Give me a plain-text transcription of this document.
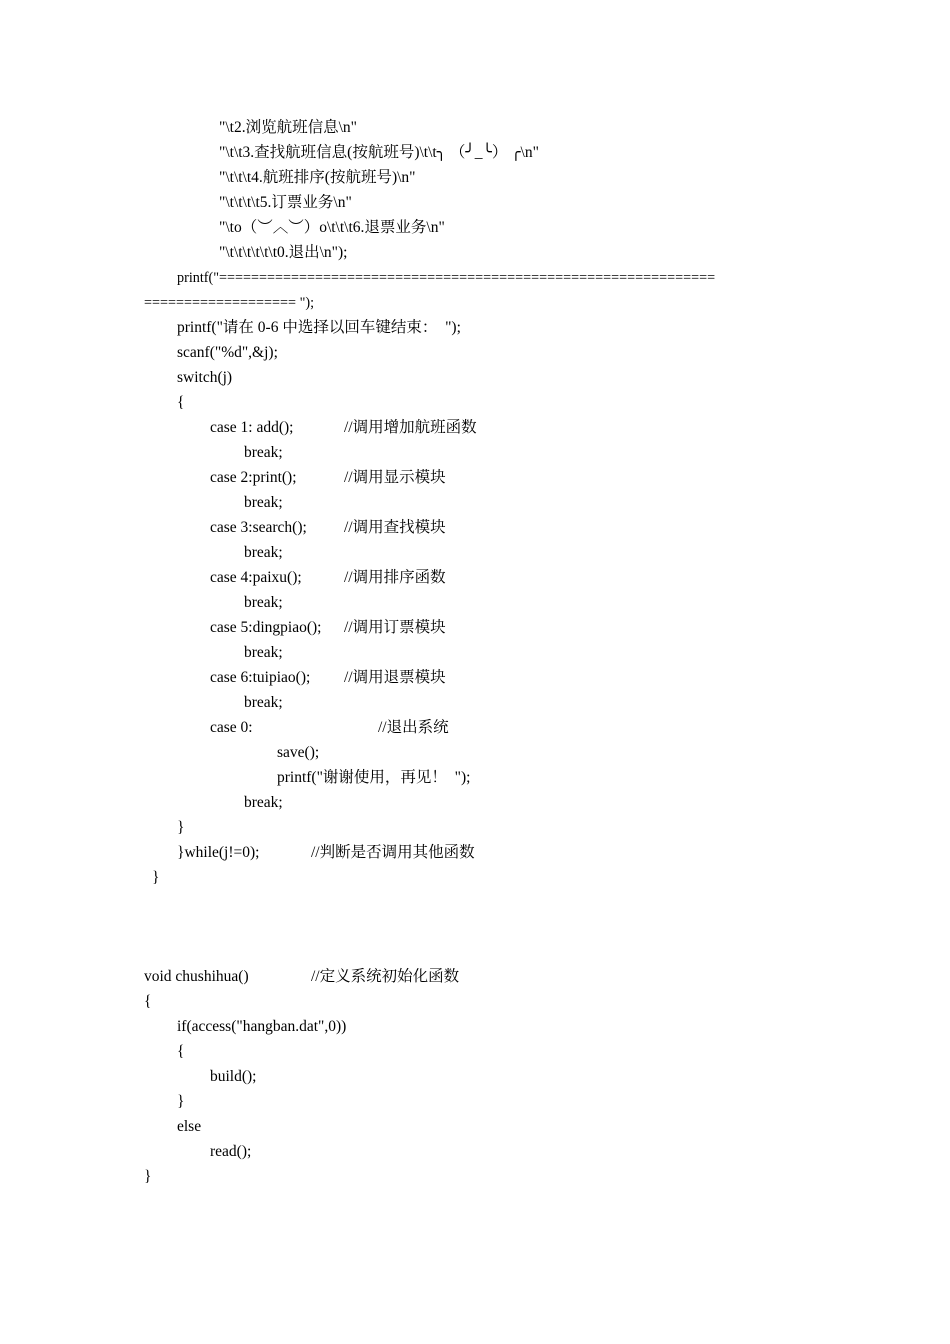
"\t2.浏览航班信息\n"
"\t\t3.查找航班信息(按航班号)\t\t╮ （╯_╰） ╭\n"
"\t\t\t4.航班排序(按航班号)\n"
"\t\t\t\t5.订票业务\n"
"\to（︶︿︶）o\t\t\t6.退票业务\n"
"\t\t\t\t\t\t0.退出\n");
printf("==============================================================
=================== ");
printf("请在 0-6 中选择以回车键结束：  ");
scanf("%d",&j);
switch(j)
{
case 1: add();	//调用增加航班函数
break;
case 2:print();	//调用显示模块
break;
case 3:search(); //调用查找模块
break;
case 4:paixu();	//调用排序函数
break;
case 5:dingpiao(); //调用订票模块
break;
case 6:tuipiao(); //调用退票模块
break;
case 0:	//退出系统
save();
printf("谢谢使用，再见！  ");
break;
}
}while(j!=0);	//判断是否调用其他函数
}
void chushihua()	//定义系统初始化函数
{
if(access("hangban.dat",0))
{
build();
}
else
read();
}
